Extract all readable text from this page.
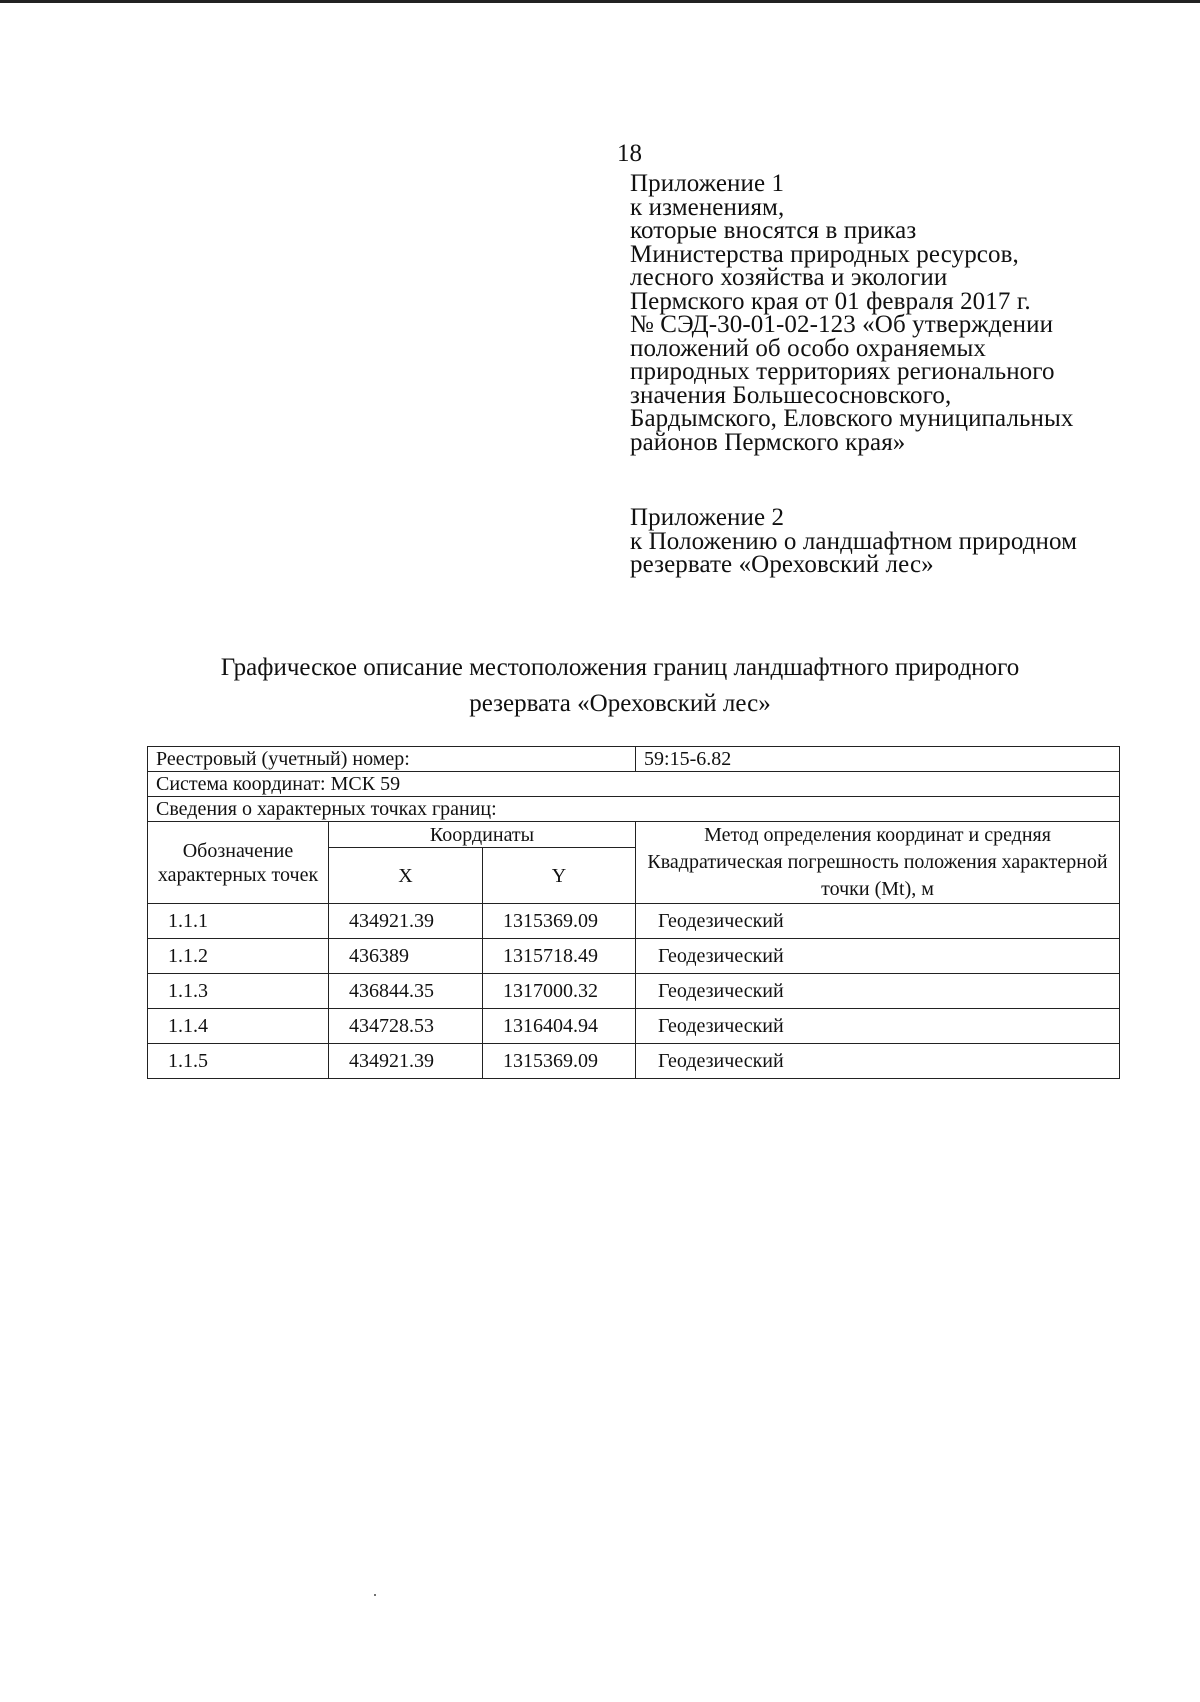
18
Приложение 1
к изменениям,
которые вносятся в приказ
Министерства природных ресурсов,
лесного хозяйства и экологии
Пермского края от 01 февраля 2017 г.
№ СЭД-30-01-02-123 «Об утверждении
положений об особо охраняемых
природных территориях регионального
значения Большесосновского,
Бардымского, Еловского муниципальных
районов Пермского края»
Приложение 2
к Положению о ландшафтном природном
резервате «Ореховский лес»
Графическое описание местоположения границ ландшафтного природного
резервата «Ореховский лес»
Реестровый (учетный) номер:			59:15-6.82
Система координат: МСК 59			
Сведения о характерных точках границ:			
Обозначение характерных точек	Координаты		Метод определения координат и средняя Квадратическая погрешность положения характерной точки (Mt), м
	X	Y	
1.1.1	434921.39	1315369.09	Геодезический
1.1.2	436389	1315718.49	Геодезический
1.1.3	436844.35	1317000.32	Геодезический
1.1.4	434728.53	1316404.94	Геодезический
1.1.5	434921.39	1315369.09	Геодезический
